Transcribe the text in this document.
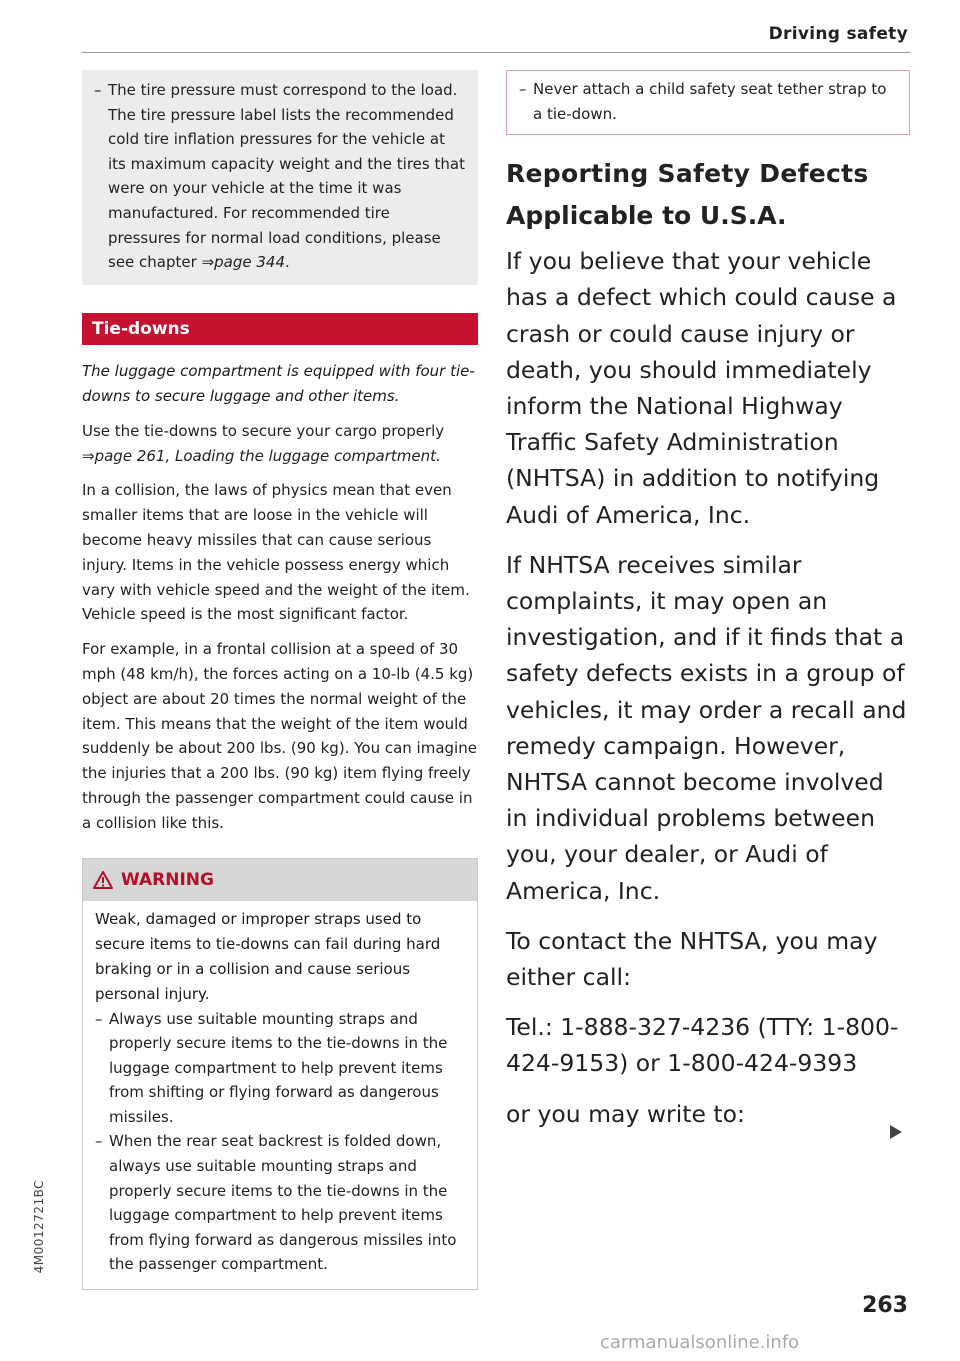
Driving safety
– The tire pressure must correspond to the load. The tire pressure label lists the recommended cold tire inflation pressures for the vehicle at its maximum capacity weight and the tires that were on your vehicle at the time it was manufactured. For recommended tire pressures for normal load conditions, please see chapter ⇒page 344.
Tie-downs

The luggage compartment is equipped with four tie-downs to secure luggage and other items.

Use the tie-downs to secure your cargo properly ⇒page 261, Loading the luggage compartment.

In a collision, the laws of physics mean that even smaller items that are loose in the vehicle will become heavy missiles that can cause serious injury. Items in the vehicle possess energy which vary with vehicle speed and the weight of the item. Vehicle speed is the most significant factor.

For example, in a frontal collision at a speed of 30 mph (48 km/h), the forces acting on a 10-lb (4.5 kg) object are about 20 times the normal weight of the item. This means that the weight of the item would suddenly be about 200 lbs. (90 kg). You can imagine the injuries that a 200 lbs. (90 kg) item flying freely through the passenger compartment could cause in a collision like this.

WARNING

Weak, damaged or improper straps used to secure items to tie-downs can fail during hard braking or in a collision and cause serious personal injury.

– Always use suitable mounting straps and properly secure items to the tie-downs in the luggage compartment to help prevent items from shifting or flying forward as dangerous missiles.
– When the rear seat backrest is folded down, always use suitable mounting straps and properly secure items to the tie-downs in the luggage compartment to help prevent items from flying forward as dangerous missiles into the passenger compartment.
– Never attach a child safety seat tether strap to a tie-down.
Reporting Safety Defects
Applicable to U.S.A.

If you believe that your vehicle has a defect which could cause a crash or could cause injury or death, you should immediately inform the National Highway Traffic Safety Administration (NHTSA) in addition to notifying Audi of America, Inc.

If NHTSA receives similar complaints, it may open an investigation, and if it finds that a safety defects exists in a group of vehicles, it may order a recall and remedy campaign. However, NHTSA cannot become involved in individual problems between you, your dealer, or Audi of America, Inc.

To contact the NHTSA, you may either call:

Tel.: 1-888-327-4236 (TTY: 1-800-424-9153) or 1-800-424-9393

or you may write to:

263
4M0012721BC
carmanualsonline.info
